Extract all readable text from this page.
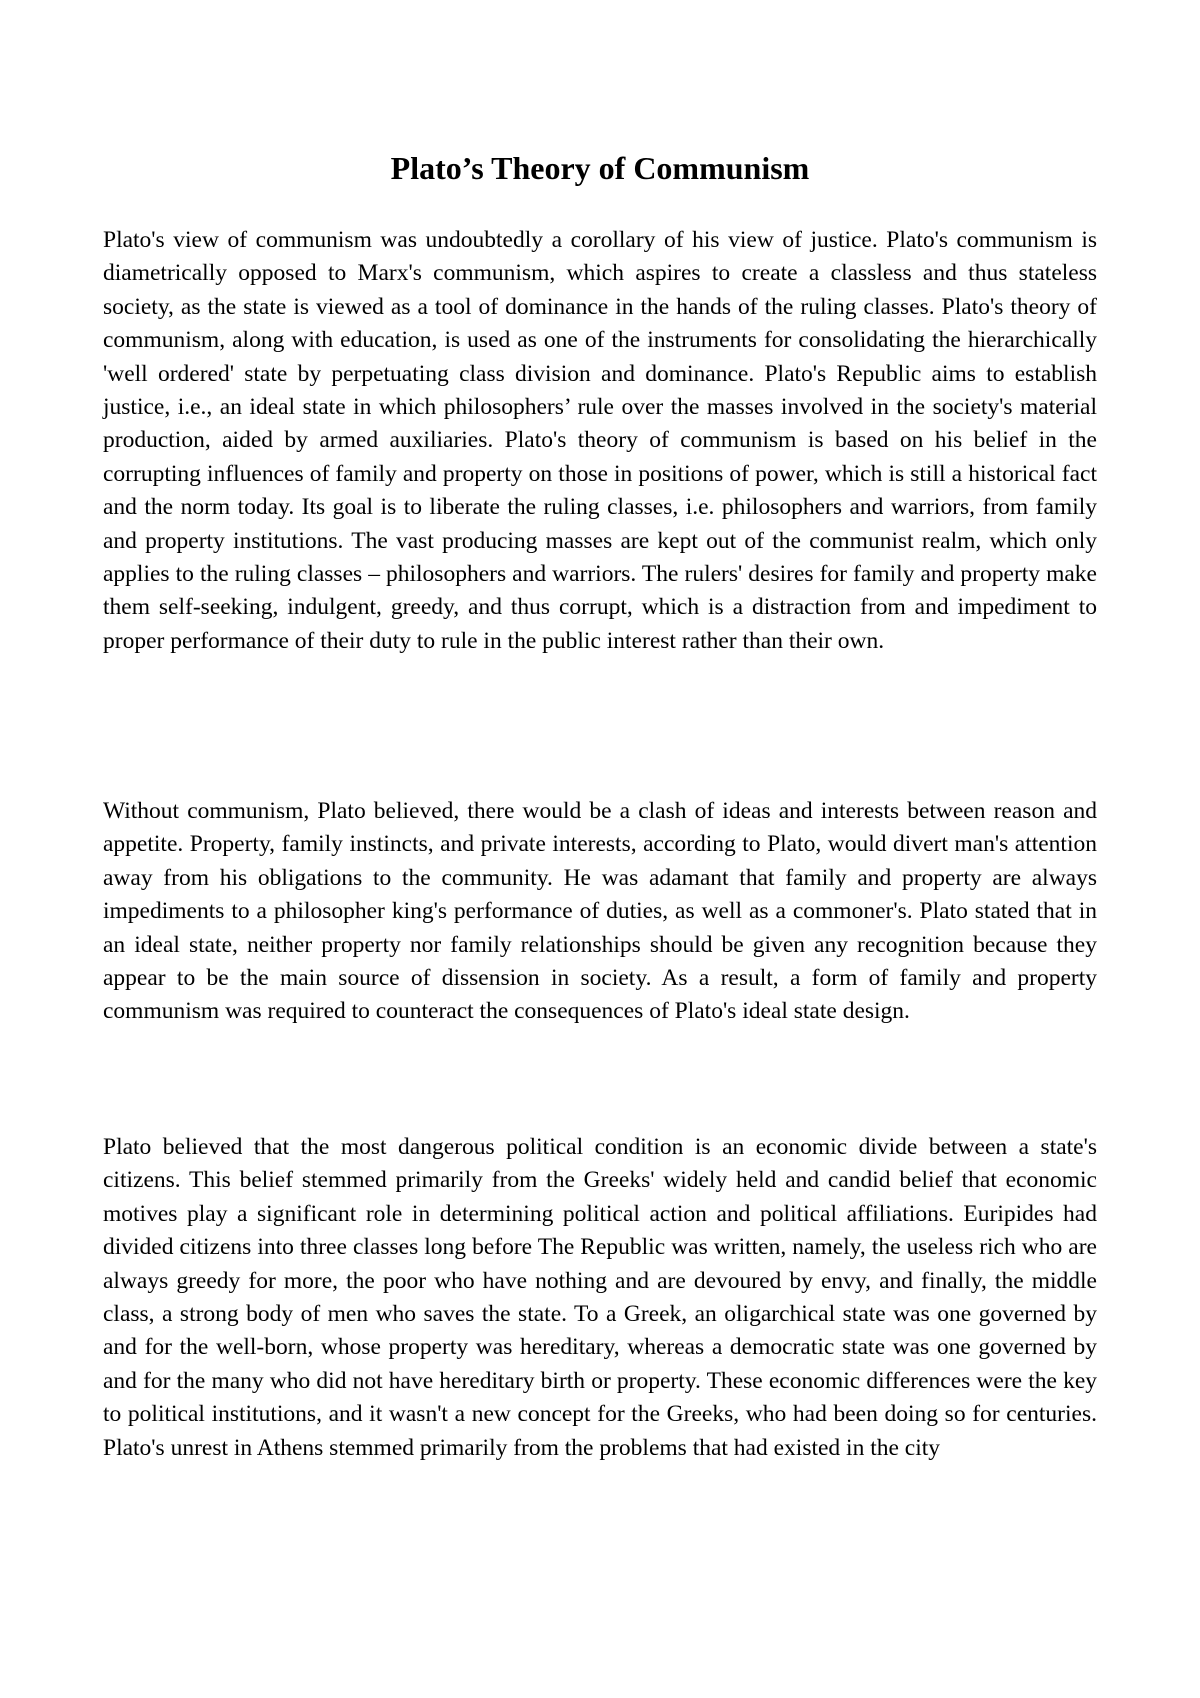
Plato’s Theory of Communism

Plato's view of communism was undoubtedly a corollary of his view of justice. Plato's communism is diametrically opposed to Marx's communism, which aspires to create a classless and thus stateless society, as the state is viewed as a tool of dominance in the hands of the ruling classes. Plato's theory of communism, along with education, is used as one of the instruments for consolidating the hierarchically 'well ordered' state by perpetuating class division and dominance. Plato's Republic aims to establish justice, i.e., an ideal state in which philosophers’ rule over the masses involved in the society's material production, aided by armed auxiliaries. Plato's theory of communism is based on his belief in the corrupting influences of family and property on those in positions of power, which is still a historical fact and the norm today. Its goal is to liberate the ruling classes, i.e. philosophers and warriors, from family and property institutions. The vast producing masses are kept out of the communist realm, which only applies to the ruling classes – philosophers and warriors. The rulers' desires for family and property make them self-seeking, indulgent, greedy, and thus corrupt, which is a distraction from and impediment to proper performance of their duty to rule in the public interest rather than their own.

Without communism, Plato believed, there would be a clash of ideas and interests between reason and appetite. Property, family instincts, and private interests, according to Plato, would divert man's attention away from his obligations to the community. He was adamant that family and property are always impediments to a philosopher king's performance of duties, as well as a commoner's. Plato stated that in an ideal state, neither property nor family relationships should be given any recognition because they appear to be the main source of dissension in society. As a result, a form of family and property communism was required to counteract the consequences of Plato's ideal state design.

Plato believed that the most dangerous political condition is an economic divide between a state's citizens. This belief stemmed primarily from the Greeks' widely held and candid belief that economic motives play a significant role in determining political action and political affiliations. Euripides had divided citizens into three classes long before The Republic was written, namely, the useless rich who are always greedy for more, the poor who have nothing and are devoured by envy, and finally, the middle class, a strong body of men who saves the state. To a Greek, an oligarchical state was one governed by and for the well-born, whose property was hereditary, whereas a democratic state was one governed by and for the many who did not have hereditary birth or property. These economic differences were the key to political institutions, and it wasn't a new concept for the Greeks, who had been doing so for centuries. Plato's unrest in Athens stemmed primarily from the problems that had existed in the city
